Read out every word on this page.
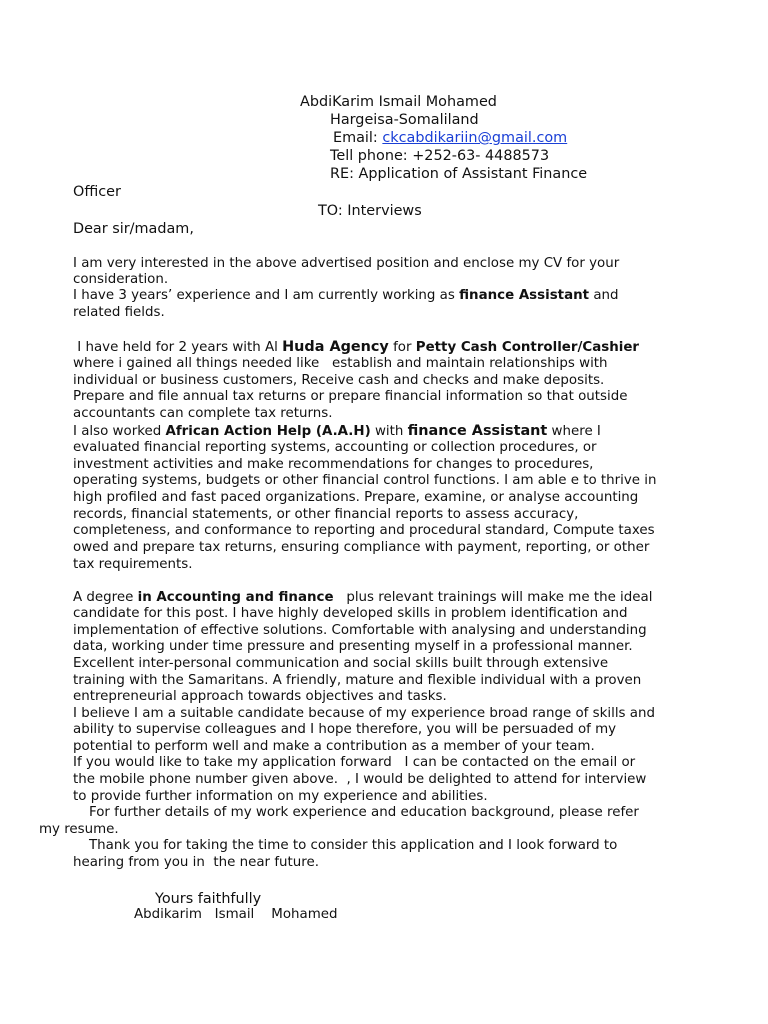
AbdiKarim Ismail Mohamed

Hargeisa-Somaliland

Email: ckcabdikariin@gmail.com

Tell phone: +252-63- 4488573

RE: Application of Assistant Finance

Officer

TO: Interviews

Dear sir/madam,

I am very interested in the above advertised position and enclose my CV for your

consideration.

I have 3 years’ experience and I am currently working as finance Assistant and

related fields.

I have held for 2 years with Al Huda Agency for Petty Cash Controller/Cashier

where i gained all things needed like   establish and maintain relationships with

individual or business customers, Receive cash and checks and make deposits.

Prepare and file annual tax returns or prepare financial information so that outside

accountants can complete tax returns.

I also worked African Action Help (A.A.H) with finance Assistant where I

evaluated financial reporting systems, accounting or collection procedures, or

investment activities and make recommendations for changes to procedures,

operating systems, budgets or other financial control functions. I am able e to thrive in

high profiled and fast paced organizations. Prepare, examine, or analyse accounting

records, financial statements, or other financial reports to assess accuracy,

completeness, and conformance to reporting and procedural standard, Compute taxes

owed and prepare tax returns, ensuring compliance with payment, reporting, or other

tax requirements.

A degree in Accounting and finance   plus relevant trainings will make me the ideal

candidate for this post. I have highly developed skills in problem identification and

implementation of effective solutions. Comfortable with analysing and understanding

data, working under time pressure and presenting myself in a professional manner.

Excellent inter-personal communication and social skills built through extensive

training with the Samaritans. A friendly, mature and flexible individual with a proven

entrepreneurial approach towards objectives and tasks.

I believe I am a suitable candidate because of my experience broad range of skills and

ability to supervise colleagues and I hope therefore, you will be persuaded of my

potential to perform well and make a contribution as a member of your team.

If you would like to take my application forward   I can be contacted on the email or

the mobile phone number given above.  , I would be delighted to attend for interview

to provide further information on my experience and abilities.

For further details of my work experience and education background, please refer

my resume.

Thank you for taking the time to consider this application and I look forward to

hearing from you in  the near future.

Yours faithfully

Abdikarim   Ismail    Mohamed
